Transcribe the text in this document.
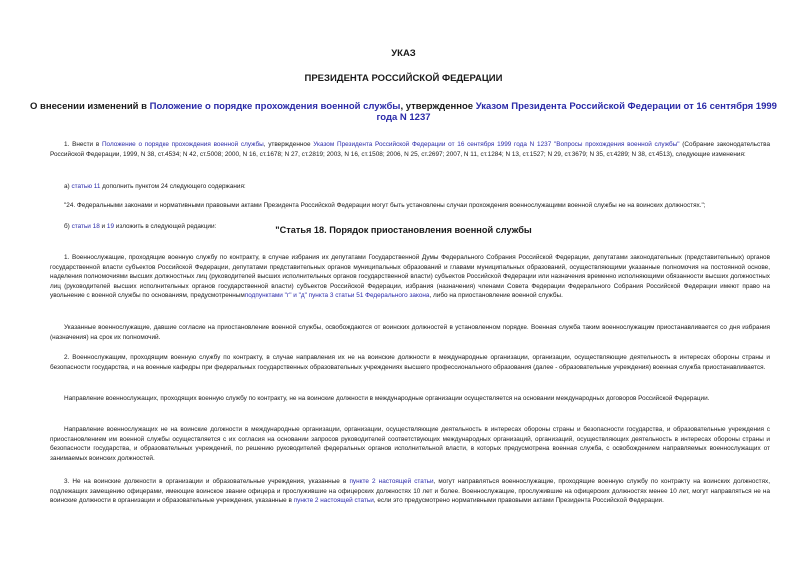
УКАЗ
ПРЕЗИДЕНТА РОССИЙСКОЙ ФЕДЕРАЦИИ
О внесении изменений в Положение о порядке прохождения военной службы, утвержденное Указом Президента Российской Федерации от 16 сентября 1999 года N 1237
1. Внести в Положение о порядке прохождения военной службы, утвержденное Указом Президента Российской Федерации от 16 сентября 1999 года N 1237 "Вопросы прохождения военной службы" (Собрание законодательства Российской Федерации, 1999, N 38, ст.4534; N 42, ст.5008; 2000, N 16, ст.1678; N 27, ст.2819; 2003, N 16, ст.1508; 2006, N 25, ст.2697; 2007, N 11, ст.1284; N 13, ст.1527; N 29, ст.3679; N 35, ст.4289; N 38, ст.4513), следующие изменения:
а) статью 11 дополнить пунктом 24 следующего содержания:
"24. Федеральными законами и нормативными правовыми актами Президента Российской Федерации могут быть установлены случаи прохождения военнослужащими военной службы не на воинских должностях.";
б) статьи 18 и 19 изложить в следующей редакции:	"Статья 18. Порядок приостановления военной службы
1. Военнослужащие, проходящие военную службу по контракту, в случае избрания их депутатами Государственной Думы Федерального Собрания Российской Федерации, депутатами законодательных (представительных) органов государственной власти субъектов Российской Федерации, депутатами представительных органов муниципальных образований и главами муниципальных образований, осуществляющими указанные полномочия на постоянной основе, наделения полномочиями высших должностных лиц (руководителей высших исполнительных органов государственной власти) субъектов Российской Федерации или назначения временно исполняющими обязанности высших должностных лиц (руководителей высших исполнительных органов государственной власти) субъектов Российской Федерации, избрания (назначения) членами Совета Федерации Федерального Собрания Российской Федерации имеют право на увольнение с военной службы по основаниям, предусмотреннымподпунктами "г" и "д" пункта 3 статьи 51 Федерального закона, либо на приостановление военной службы.
Указанные военнослужащие, давшие согласие на приостановление военной службы, освобождаются от воинских должностей в установленном порядке. Военная служба таким военнослужащим приостанавливается со дня избрания (назначения) на срок их полномочий.
2. Военнослужащим, проходящим военную службу по контракту, в случае направления их не на воинские должности в международные организации, организации, осуществляющие деятельность в интересах обороны страны и безопасности государства, и на военные кафедры при федеральных государственных образовательных учреждениях высшего профессионального образования (далее - образовательные учреждения) военная служба приостанавливается.
Направление военнослужащих, проходящих военную службу по контракту, не на воинские должности в международные организации осуществляется на основании международных договоров Российской Федерации.
Направление военнослужащих не на воинские должности в международные организации, организации, осуществляющие деятельность в интересах обороны страны и безопасности государства, и образовательные учреждения с приостановлением им военной службы осуществляется с их согласия на основании запросов руководителей соответствующих международных организаций, организаций, осуществляющих деятельность в интересах обороны страны и безопасности государства, и образовательных учреждений, по решению руководителей федеральных органов исполнительной власти, в которых предусмотрена военная служба, с освобождением направляемых военнослужащих от занимаемых воинских должностей.
3. Не на воинские должности в организации и образовательные учреждения, указанные в пункте 2 настоящей статьи, могут направляться военнослужащие, проходящие военную службу по контракту на воинских должностях, подлежащих замещению офицерами, имеющие воинское звание офицера и прослужившие на офицерских должностях 10 лет и более. Военнослужащие, прослужившие на офицерских должностях менее 10 лет, могут направляться не на воинские должности в организации и образовательные учреждения, указанные в пункте 2 настоящей статьи, если это предусмотрено нормативными правовыми актами Президента Российской Федерации.
